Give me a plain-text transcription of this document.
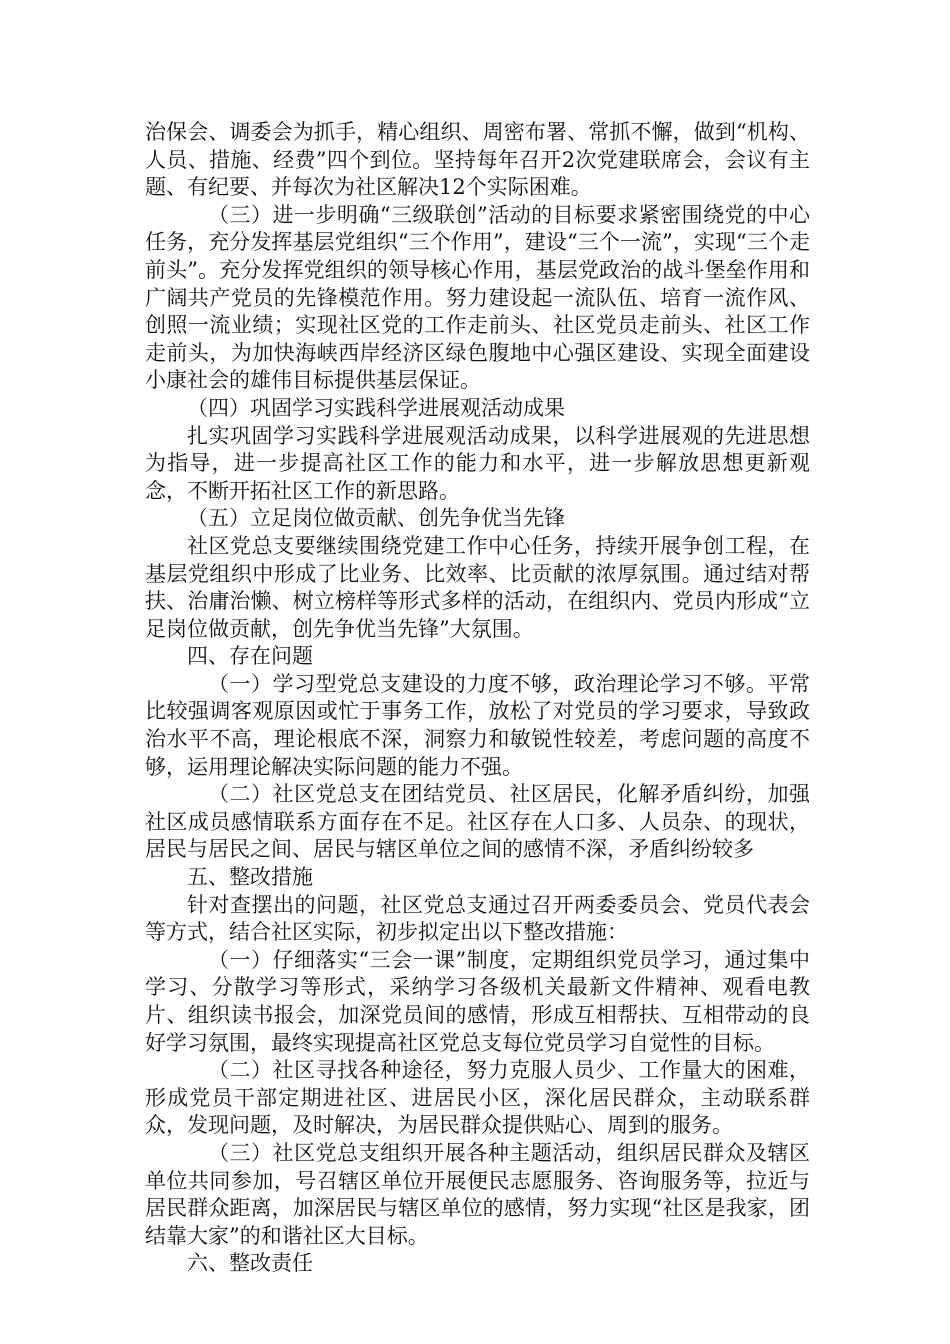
治保会、调委会为抓手，精心组织、周密布署、常抓不懈，做到“机构、人员、措施、经费”四个到位。坚持每年召开2次党建联席会，会议有主题、有纪要、并每次为社区解决12个实际困难。

（三）进一步明确“三级联创”活动的目标要求紧密围绕党的中心任务，充分发挥基层党组织“三个作用”，建设“三个一流”，实现“三个走前头”。充分发挥党组织的领导核心作用，基层党政治的战斗堡垒作用和广阔共产党员的先锋模范作用。努力建设起一流队伍、培育一流作风、创照一流业绩；实现社区党的工作走前头、社区党员走前头、社区工作走前头，为加快海峡西岸经济区绿色腹地中心强区建设、实现全面建设小康社会的雄伟目标提供基层保证。

（四）巩固学习实践科学进展观活动成果

扎实巩固学习实践科学进展观活动成果，以科学进展观的先进思想为指导，进一步提高社区工作的能力和水平，进一步解放思想更新观念，不断开拓社区工作的新思路。

（五）立足岗位做贡献、创先争优当先锋

社区党总支要继续围绕党建工作中心任务，持续开展争创工程，在基层党组织中形成了比业务、比效率、比贡献的浓厚氛围。通过结对帮扶、治庸治懒、树立榜样等形式多样的活动，在组织内、党员内形成“立足岗位做贡献，创先争优当先锋”大氛围。

四、存在问题

（一）学习型党总支建设的力度不够，政治理论学习不够。平常比较强调客观原因或忙于事务工作，放松了对党员的学习要求，导致政治水平不高，理论根底不深，洞察力和敏锐性较差，考虑问题的高度不够，运用理论解决实际问题的能力不强。

（二）社区党总支在团结党员、社区居民，化解矛盾纠纷，加强社区成员感情联系方面存在不足。社区存在人口多、人员杂、的现状，居民与居民之间、居民与辖区单位之间的感情不深，矛盾纠纷较多

五、整改措施

针对查摆出的问题，社区党总支通过召开两委委员会、党员代表会等方式，结合社区实际，初步拟定出以下整改措施：

（一）仔细落实“三会一课”制度，定期组织党员学习，通过集中学习、分散学习等形式，采纳学习各级机关最新文件精神、观看电教片、组织读书报会，加深党员间的感情，形成互相帮扶、互相带动的良好学习氛围，最终实现提高社区党总支每位党员学习自觉性的目标。

（二）社区寻找各种途径，努力克服人员少、工作量大的困难，形成党员干部定期进社区、进居民小区，深化居民群众，主动联系群众，发现问题，及时解决，为居民群众提供贴心、周到的服务。

（三）社区党总支组织开展各种主题活动，组织居民群众及辖区单位共同参加，号召辖区单位开展便民志愿服务、咨询服务等，拉近与居民群众距离，加深居民与辖区单位的感情，努力实现“社区是我家，团结靠大家”的和谐社区大目标。

六、整改责任
